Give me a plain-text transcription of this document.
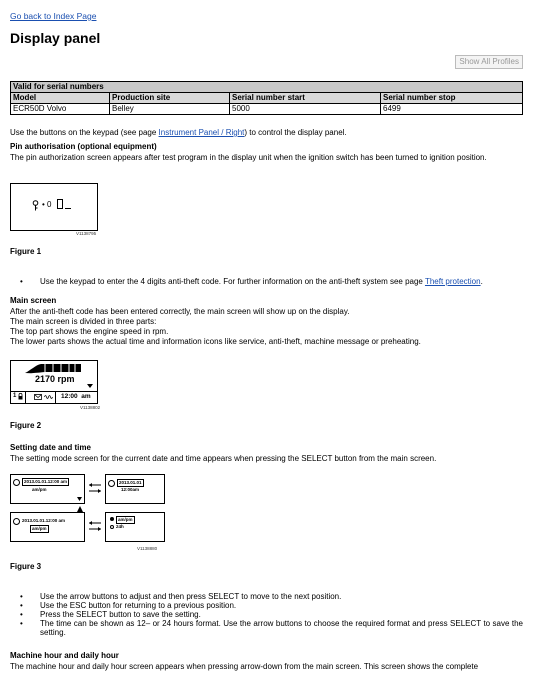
Go back to Index Page
Display panel
Show All Profiles
Valid for serial numbers			
Model	Production site	Serial number start	Serial number stop
ECR50D Volvo	Belley	5000	6499

Use the buttons on the keypad (see page Instrument Panel / Right) to control the display panel.

Pin authorisation (optional equipment)

The pin authorization screen appears after test program in the display unit when the ignition switch has been turned to ignition position.

• 0
V1138795
Figure 1
• Use the keypad to enter the 4 digits anti-theft code. For further information on the anti-theft system see page Theft protection.

Main screen

After the anti-theft code has been entered correctly, the main screen will show up on the display.
The main screen is divided in three parts:
The top part shows the engine speed in rpm.
The lower parts shows the actual time and information icons like service, anti-theft, machine message or preheating.
2170 rpm
1	12:00  am
V1138802
Figure 2

Setting date and time

The setting mode screen for the current date and time appears when pressing the SELECT button from the main screen.

2013.01.01.12:00 am
am/pm
2013.01.01
12:00am
2013.01.01.12:00 am
am/pm
am/pm
24h
V1138880
Figure 3
• Use the arrow buttons to adjust and then press SELECT to move to the next position.
• Use the ESC button for returning to a previous position.
• Press the SELECT button to save the setting.
• The time can be shown as 12– or 24 hours format. Use the arrow buttons to choose the required format and press SELECT to save the setting.

Machine hour and daily hour

The machine hour and daily hour screen appears when pressing arrow-down from the main screen. This screen shows the complete
